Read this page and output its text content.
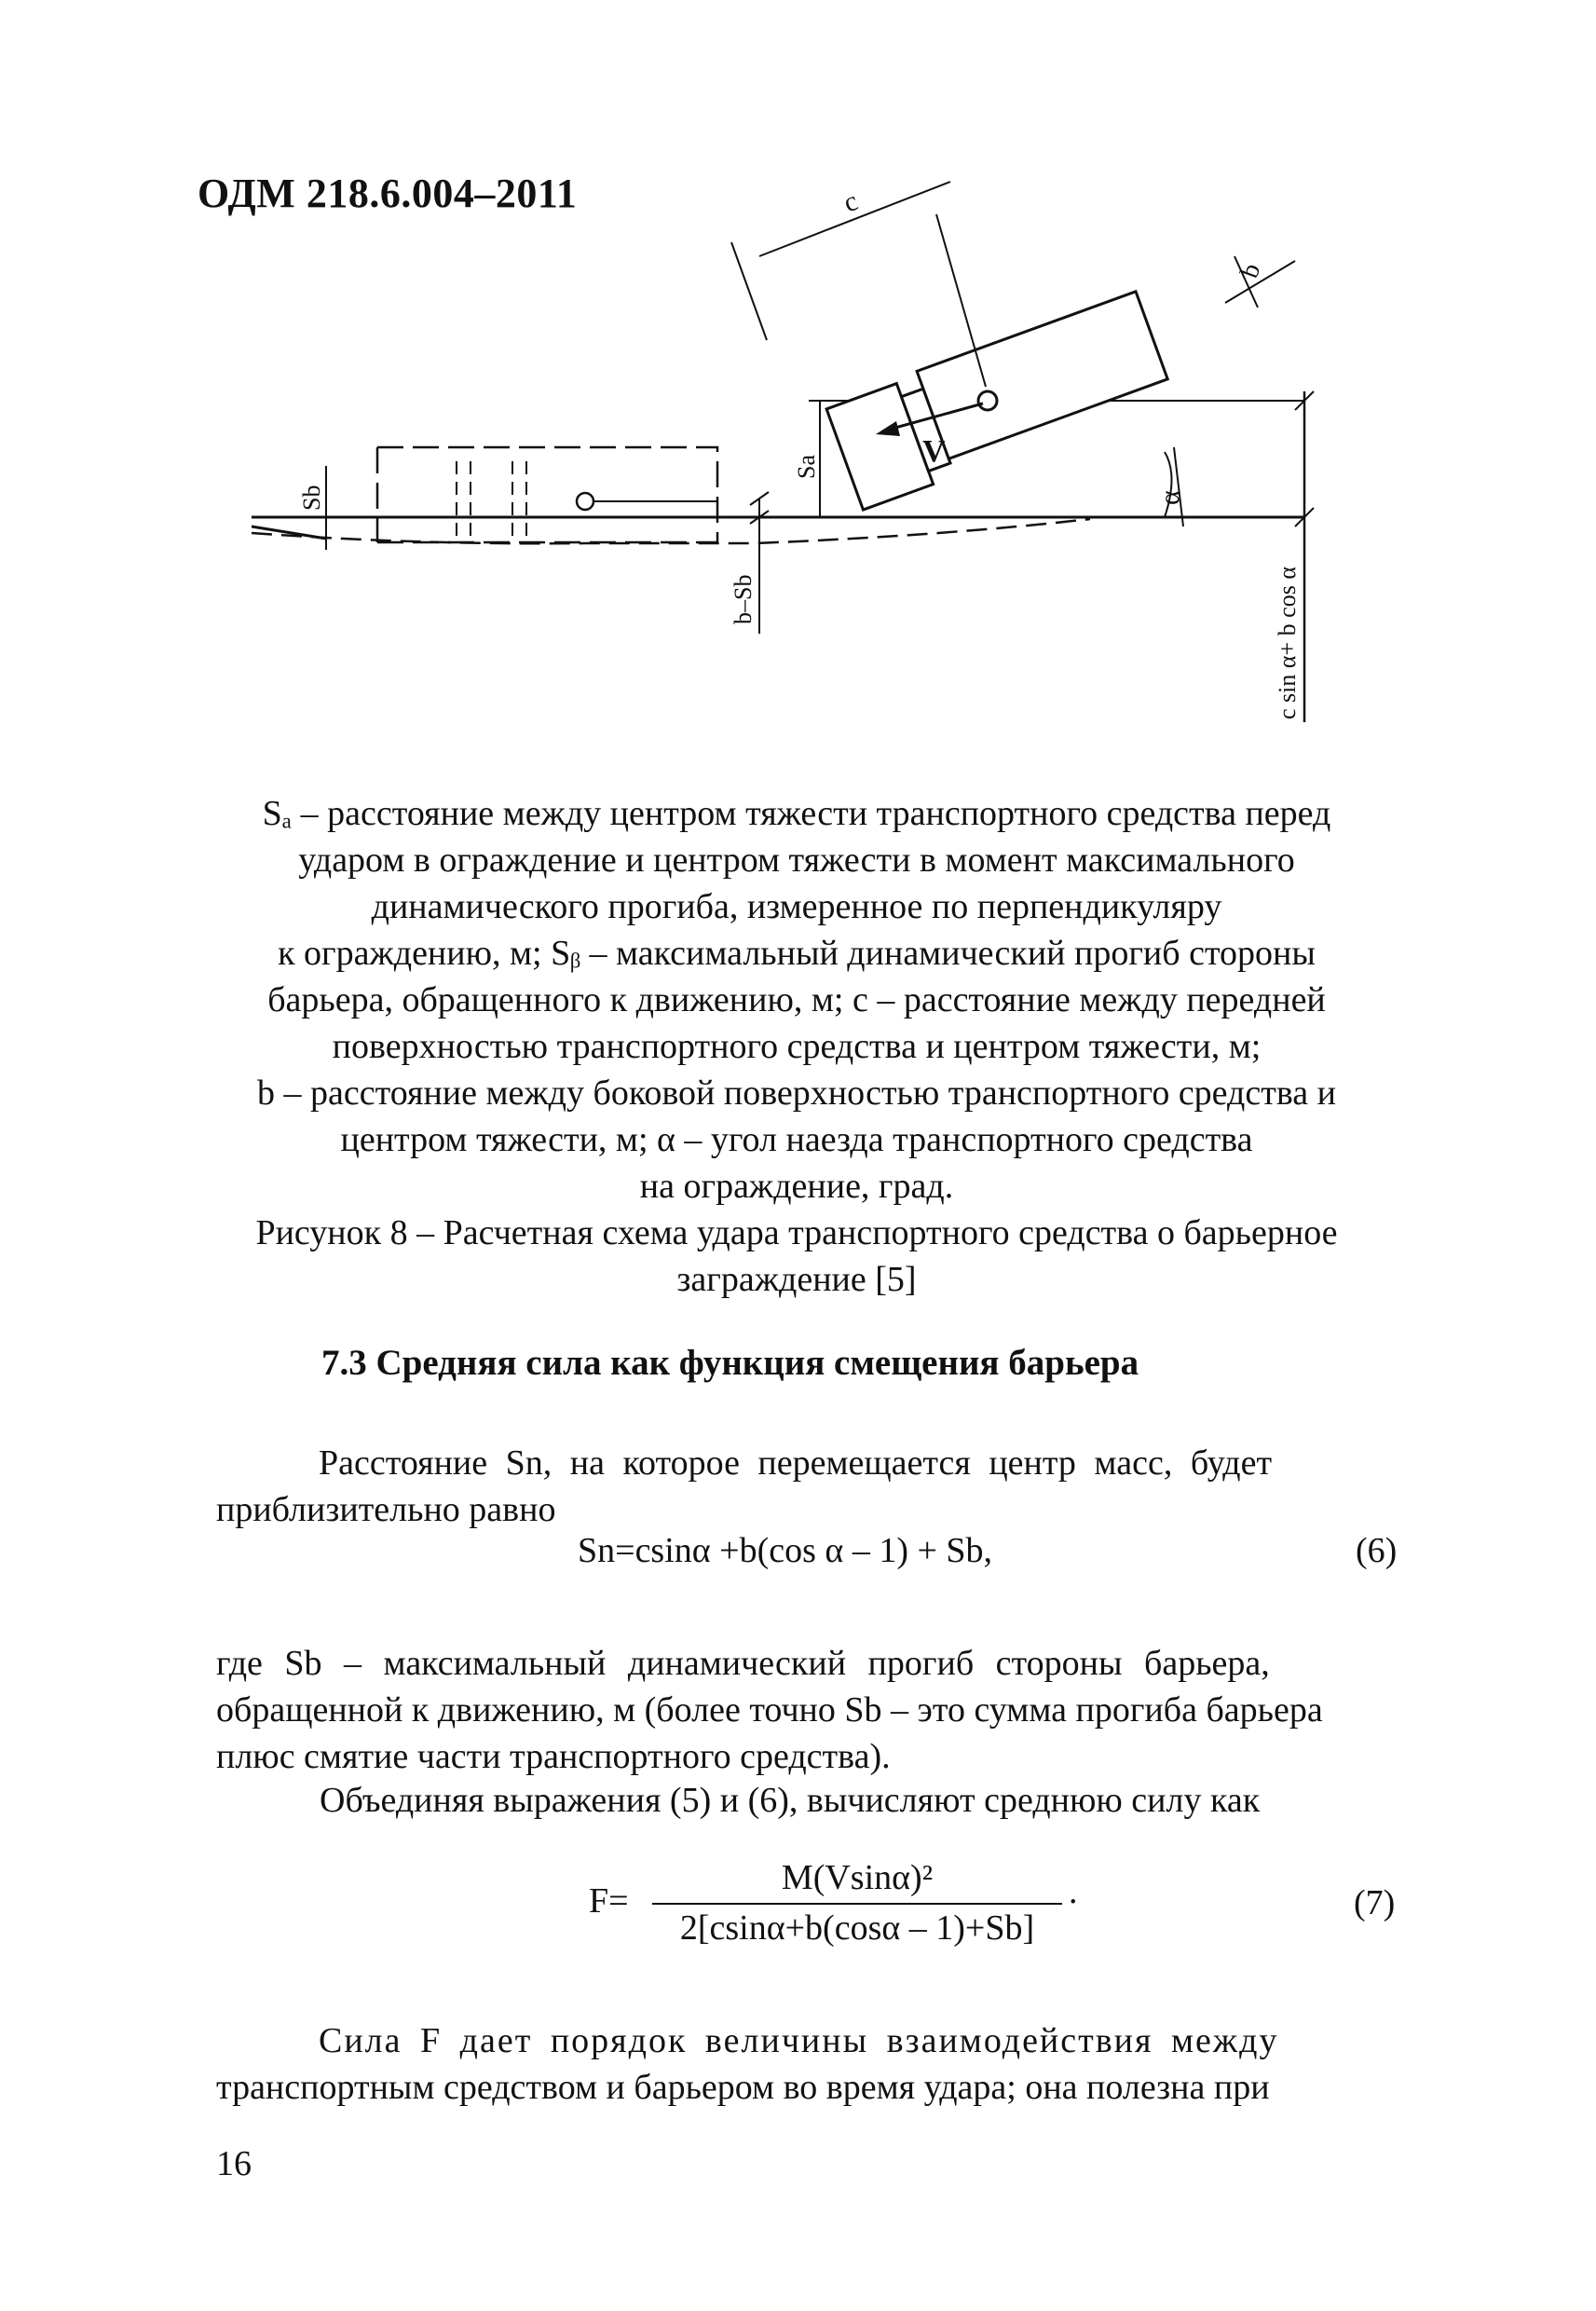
ОДМ 218.6.004–2011
Sb
b–Sb
Sa	V
c
b
α
c sin α+ b cos α

Sₐ – расстояние между центром тяжести транспортного средства перед

ударом в ограждение и центром тяжести в момент максимального

динамического прогиба, измеренное по перпендикуляру

к ограждению, м; Sᵦ – максимальный динамический прогиб стороны

барьера, обращенного к движению, м; с – расстояние между передней

поверхностью транспортного средства и центром тяжести, м;

b – расстояние между боковой поверхностью транспортного средства и

центром тяжести, м; α – угол наезда транспортного средства

на ограждение, град.

Рисунок 8 – Расчетная схема удара транспортного средства о барьерное

заграждение [5]

7.3 Средняя сила как функция смещения барьера
Расстояние Sn, на которое перемещается центр масс, будет
приблизительно равно
Sn=csinα +b(cos α – 1) + Sb,	(6)
где Sb – максимальный динамический прогиб стороны барьера,
обращенной к движению, м (более точно Sb – это сумма прогиба барьера
плюс смятие части транспортного средства).
Объединяя выражения (5) и (6), вычисляют среднюю силу как
F=
M(Vsinα)²
2[csinα+b(cosα – 1)+Sb]
.	(7)
Сила F дает порядок величины взаимодействия между
транспортным средством и барьером во время удара; она полезна при
16
